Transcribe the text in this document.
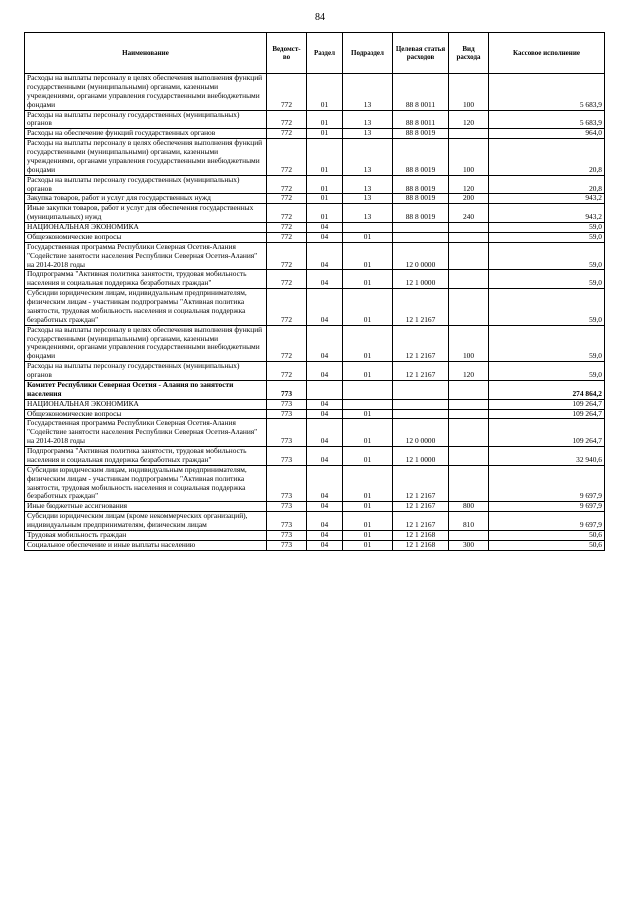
84
Наименование	Ведомст-во	Раздел	Подраздел	Целевая статья расходов	Вид расхода	Кассовое исполнение
Расходы на выплаты персоналу в целях обеспечения выполнения функций государственными (муниципальными) органами, казенными учреждениями, органами управления государственными внебюджетными фондами	772	01	13	88 8 0011	100	5 683,9
Расходы на выплаты персоналу государственных (муниципальных) органов	772	01	13	88 8 0011	120	5 683,9
Расходы на обеспечение функций государственных органов	772	01	13	88 8 0019		964,0
Расходы на выплаты персоналу в целях обеспечения выполнения функций государственными (муниципальными) органами, казенными учреждениями, органами управления государственными внебюджетными фондами	772	01	13	88 8 0019	100	20,8
Расходы на выплаты персоналу государственных (муниципальных) органов	772	01	13	88 8 0019	120	20,8
Закупка товаров, работ и услуг для государственных нужд	772	01	13	88 8 0019	200	943,2
Иные закупки товаров, работ и услуг для обеспечения государственных (муниципальных) нужд	772	01	13	88 8 0019	240	943,2
НАЦИОНАЛЬНАЯ ЭКОНОМИКА	772	04				59,0
Общеэкономические вопросы	772	04	01			59,0
Государственная программа Республики Северная Осетия-Алания "Содействие занятости населения Республики Северная Осетия-Алания" на 2014-2018 годы	772	04	01	12 0 0000		59,0
Подпрограмма "Активная политика занятости, трудовая мобильность населения и социальная поддержка безработных граждан"	772	04	01	12 1 0000		59,0
Субсидии юридическим лицам, индивидуальным предпринимателям, физическим лицам - участникам подпрограммы "Активная политика занятости, трудовая мобильность населения и социальная поддержка безработных граждан"	772	04	01	12 1 2167		59,0
Расходы на выплаты персоналу в целях обеспечения выполнения функций государственными (муниципальными) органами, казенными учреждениями, органами управления государственными внебюджетными фондами	772	04	01	12 1 2167	100	59,0
Расходы на выплаты персоналу государственных (муниципальных) органов	772	04	01	12 1 2167	120	59,0
Комитет Республики Северная Осетия - Алания по занятости населения	773					274 864,2
НАЦИОНАЛЬНАЯ ЭКОНОМИКА	773	04				109 264,7
Общеэкономические вопросы	773	04	01			109 264,7
Государственная программа Республики Северная Осетия-Алания "Содействие занятости населения Республики Северная Осетия-Алания" на 2014-2018 годы	773	04	01	12 0 0000		109 264,7
Подпрограмма "Активная политика занятости, трудовая мобильность населения и социальная поддержка безработных граждан"	773	04	01	12 1 0000		32 940,6
Субсидии юридическим лицам, индивидуальным предпринимателям, физическим лицам - участникам подпрограммы "Активная политика занятости, трудовая мобильность населения и социальная поддержка безработных граждан"	773	04	01	12 1 2167		9 697,9
Иные бюджетные ассигнования	773	04	01	12 1 2167	800	9 697,9
Субсидии юридическим лицам (кроме некоммерческих организаций), индивидуальным предпринимателям, физическим лицам	773	04	01	12 1 2167	810	9 697,9
Трудовая мобильность граждан	773	04	01	12 1 2168		50,6
Социальное обеспечение и иные выплаты населению	773	04	01	12 1 2168	300	50,6
